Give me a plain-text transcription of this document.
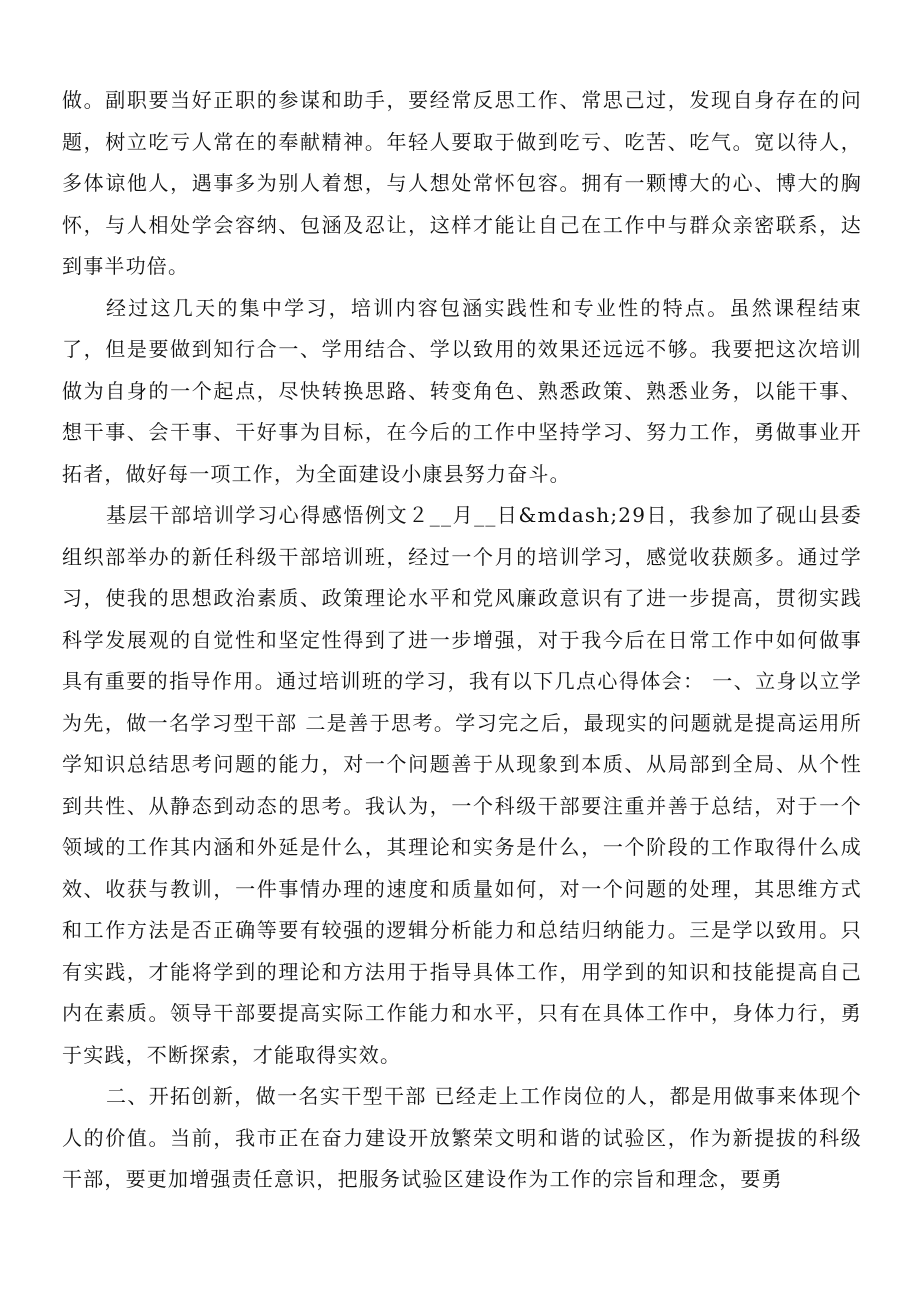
做。副职要当好正职的参谋和助手，要经常反思工作、常思己过，发现自身存在的问题，树立吃亏人常在的奉献精神。年轻人要取于做到吃亏、吃苦、吃气。宽以待人，多体谅他人，遇事多为别人着想，与人想处常怀包容。拥有一颗博大的心、博大的胸怀，与人相处学会容纳、包涵及忍让，这样才能让自己在工作中与群众亲密联系，达到事半功倍。

经过这几天的集中学习，培训内容包涵实践性和专业性的特点。虽然课程结束了，但是要做到知行合一、学用结合、学以致用的效果还远远不够。我要把这次培训做为自身的一个起点，尽快转换思路、转变角色、熟悉政策、熟悉业务，以能干事、想干事、会干事、干好事为目标，在今后的工作中坚持学习、努力工作，勇做事业开拓者，做好每一项工作，为全面建设小康县努力奋斗。

基层干部培训学习心得感悟例文２__月__日&mdash;29日，我参加了砚山县委组织部举办的新任科级干部培训班，经过一个月的培训学习，感觉收获颇多。通过学习，使我的思想政治素质、政策理论水平和党风廉政意识有了进一步提高，贯彻实践科学发展观的自觉性和坚定性得到了进一步增强，对于我今后在日常工作中如何做事具有重要的指导作用。通过培训班的学习，我有以下几点心得体会： 一、立身以立学为先，做一名学习型干部 二是善于思考。学习完之后，最现实的问题就是提高运用所学知识总结思考问题的能力，对一个问题善于从现象到本质、从局部到全局、从个性到共性、从静态到动态的思考。我认为，一个科级干部要注重并善于总结，对于一个领域的工作其内涵和外延是什么，其理论和实务是什么，一个阶段的工作取得什么成效、收获与教训，一件事情办理的速度和质量如何，对一个问题的处理，其思维方式和工作方法是否正确等要有较强的逻辑分析能力和总结归纳能力。三是学以致用。只有实践，才能将学到的理论和方法用于指导具体工作，用学到的知识和技能提高自己内在素质。领导干部要提高实际工作能力和水平，只有在具体工作中，身体力行，勇于实践，不断探索，才能取得实效。

二、开拓创新，做一名实干型干部 已经走上工作岗位的人，都是用做事来体现个人的价值。当前，我市正在奋力建设开放繁荣文明和谐的试验区，作为新提拔的科级干部，要更加增强责任意识，把服务试验区建设作为工作的宗旨和理念，要勇
